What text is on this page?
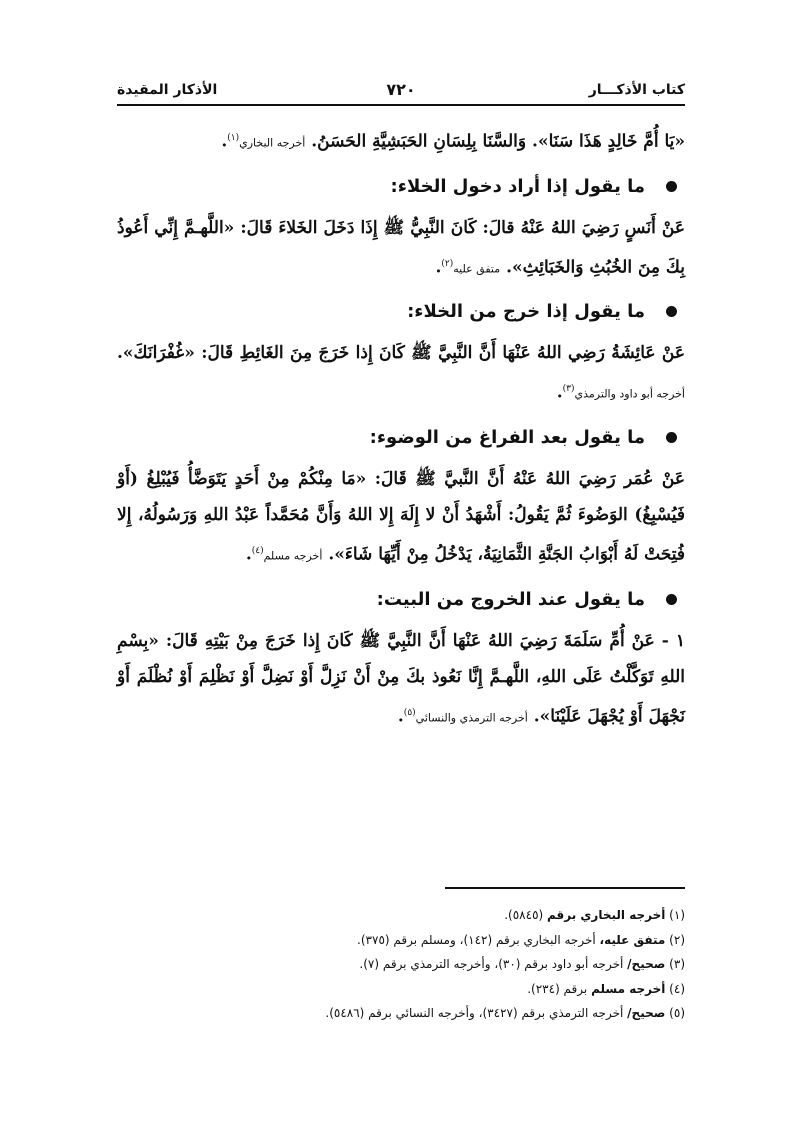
كتاب الأذكـــار
٧٢٠
الأذكار المقيدة

«يَا أُمَّ خَالِدٍ هَذَا سَنَا». وَالسَّنَا بِلِسَانِ الحَبَشِيَّةِ الحَسَنُ. أخرجه البخاري$^{(١)}$.

ما يقول إذا أراد دخول الخلاء:

عَنْ أَنَسٍ رَضِيَ اللهُ عَنْهُ قالَ: كَانَ النَّبِيُّ ﷺ إِذَا دَخَلَ الخَلاءَ قَالَ: «اللَّهـمَّ إِنِّي أَعُوذُ بِكَ مِنَ الخُبُثِ وَالخَبَائِثِ». متفق عليه$^{(٢)}$.

ما يقول إذا خرج من الخلاء:

عَنْ عَائِشَةُ رَضِي اللهُ عَنْهَا أَنَّ النَّبِيَّ ﷺ كَانَ إِذا خَرَجَ مِنَ الغَائِطِ قَالَ: «غُفْرَانَكَ». أخرجه أبو داود والترمذي$^{(٣)}$.

ما يقول بعد الفراغ من الوضوء:

عَنْ عُمَر رَضِيَ اللهُ عَنْهُ أَنَّ النَّبيَّ ﷺ قَالَ: «مَا مِنْكُمْ مِنْ أَحَدٍ يَتَوَضَّأُ فَيُبْلِغُ (أَوْ فَيُسْبِغُ) الوَضُوءَ ثُمَّ يَقُولُ: أَشْهَدُ أَنْ لا إِلَهَ إِلا اللهُ وَأَنَّ مُحَمَّداً عَبْدُ اللهِ وَرَسُولُهُ، إِلا فُتِحَتْ لَهُ أَبْوَابُ الجَنَّةِ الثَّمَانِيَةُ، يَدْخُلُ مِنْ أَيِّهَا شَاءَ». أخرجه مسلم$^{(٤)}$.

ما يقول عند الخروج من البيت:

١ - عَنْ أُمِّ سَلَمَةَ رَضِيَ اللهُ عَنْهَا أَنَّ النَّبِيَّ ﷺ كَانَ إِذا خَرَجَ مِنْ بَيْتِهِ قَالَ: «بِسْمِ اللهِ تَوَكَّلْتُ عَلَى اللهِ، اللَّهـمَّ إِنَّا نَعُوذ بكَ مِنْ أَنْ نَزِلَّ أَوْ نَضِلَّ أَوْ نَظْلِمَ أَوْ نُظْلَمَ أَوْ نَجْهَلَ أَوْ يُجْهَلَ عَلَيْنَا». أخرجه الترمذي والنسائي$^{(٥)}$.

(١) أخرجه البخاري برقم (٥٨٤٥).
(٢) متفق عليه، أخرجه البخاري برقم (١٤٢)، ومسلم برقم (٣٧٥).
(٣) صحيح/ أخرجه أبو داود برقم (٣٠)، وأخرجه الترمذي برقم (٧).
(٤) أخرجه مسلم برقم (٢٣٤).
(٥) صحيح/ أخرجه الترمذي برقم (٣٤٢٧)، وأخرجه النسائي برقم (٥٤٨٦).
